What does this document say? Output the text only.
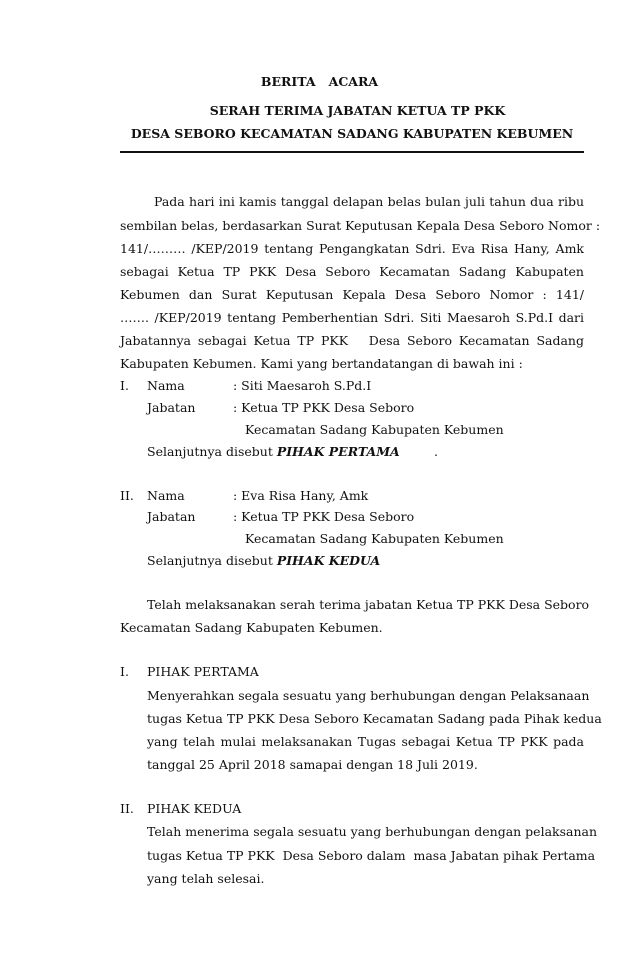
BERITA   ACARA
SERAH TERIMA JABATAN KETUA TP PKK
DESA SEBORO KECAMATAN SADANG KABUPATEN KEBUMEN
Pada hari ini kamis tanggal delapan belas bulan juli tahun dua ribu
sembilan belas, berdasarkan Surat Keputusan Kepala Desa Seboro Nomor :
141/……… /KEP/2019 tentang Pengangkatan Sdri. Eva Risa Hany, Amk
sebagai Ketua TP PKK Desa Seboro Kecamatan Sadang Kabupaten
Kebumen dan Surat Keputusan Kepala Desa Seboro Nomor : 141/
……. /KEP/2019 tentang Pemberhentian Sdri. Siti Maesaroh S.Pd.I dari
Jabatannya sebagai Ketua TP PKK   Desa Seboro Kecamatan Sadang
Kabupaten Kebumen. Kami yang bertandatangan di bawah ini :
I. Nama	: Siti Maesaroh S.Pd.I
Jabatan	: Ketua TP PKK Desa Seboro
Kecamatan Sadang Kabupaten Kebumen
Selanjutnya disebut PIHAK PERTAMA	.
II. Nama	: Eva Risa Hany, Amk
Jabatan	: Ketua TP PKK Desa Seboro
Kecamatan Sadang Kabupaten Kebumen
Selanjutnya disebut PIHAK KEDUA
Telah melaksanakan serah terima jabatan Ketua TP PKK Desa Seboro
Kecamatan Sadang Kabupaten Kebumen.
I. PIHAK PERTAMA
Menyerahkan segala sesuatu yang berhubungan dengan Pelaksanaan
tugas Ketua TP PKK Desa Seboro Kecamatan Sadang pada Pihak kedua
yang telah mulai melaksanakan Tugas sebagai Ketua TP PKK pada
tanggal 25 April 2018 samapai dengan 18 Juli 2019.
II. PIHAK KEDUA
Telah menerima segala sesuatu yang berhubungan dengan pelaksanan
tugas Ketua TP PKK  Desa Seboro dalam  masa Jabatan pihak Pertama
yang telah selesai.
